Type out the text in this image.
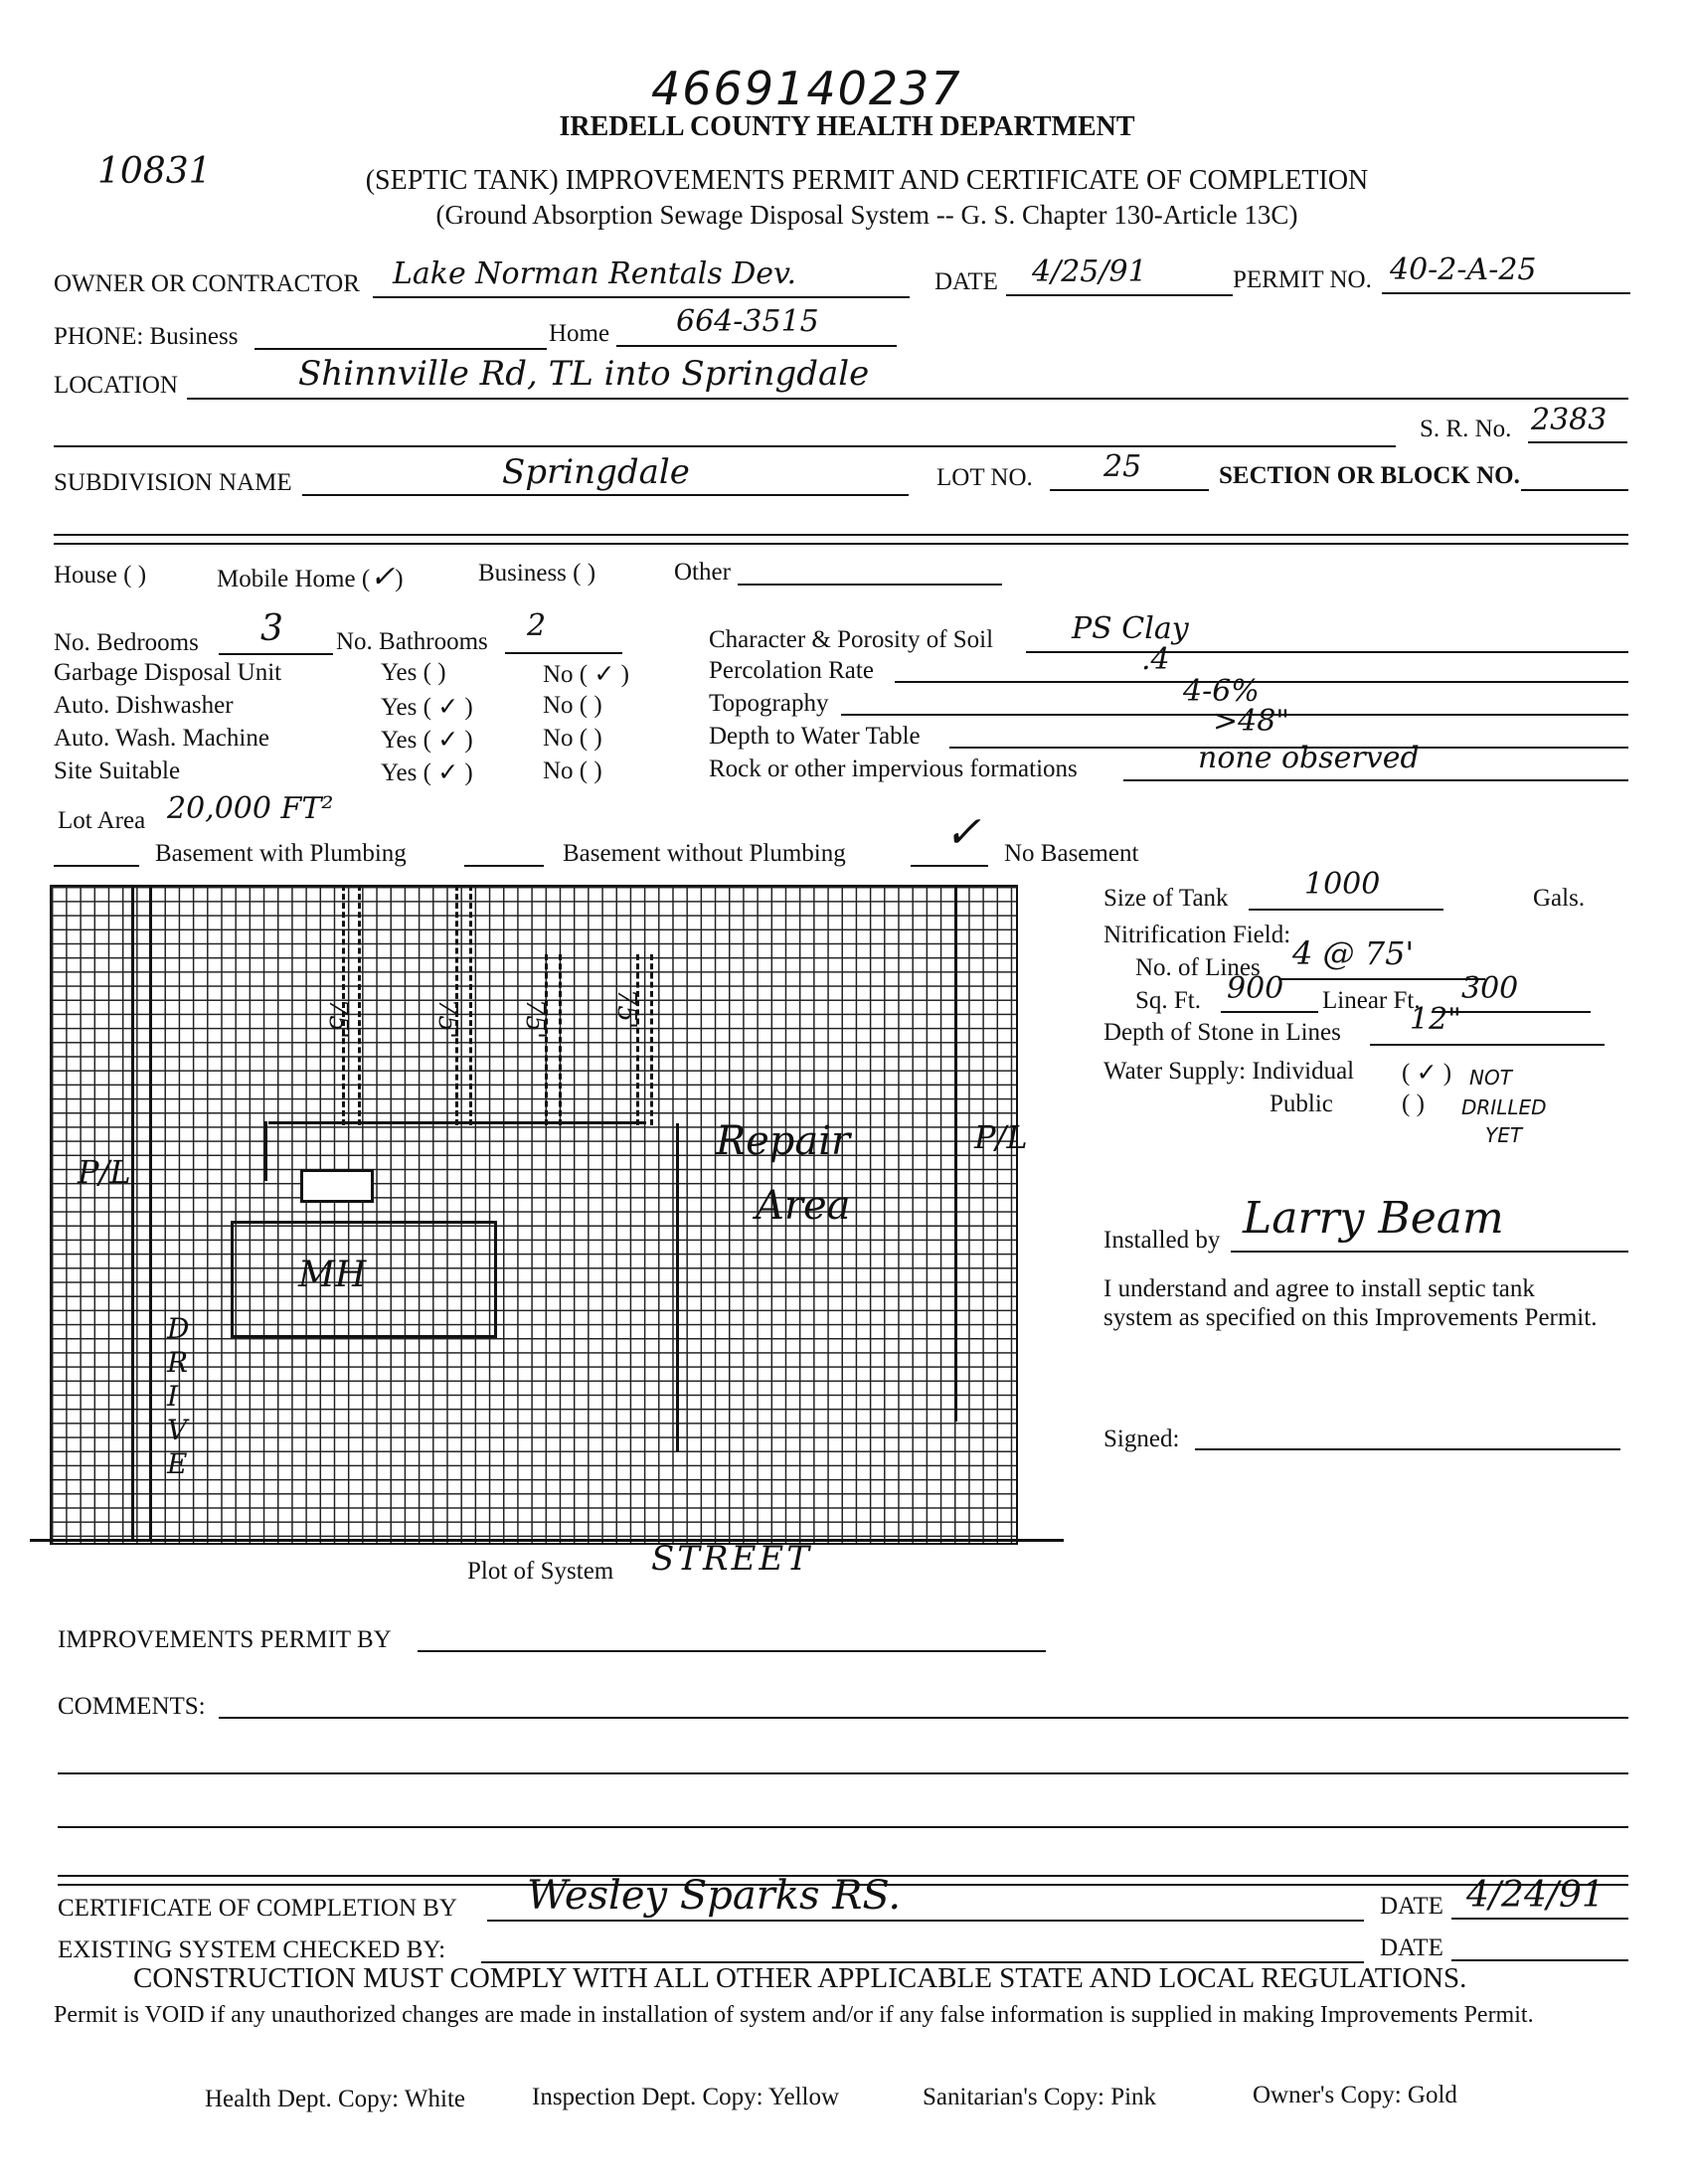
4669140237
IREDELL COUNTY HEALTH DEPARTMENT
10831	(SEPTIC TANK) IMPROVEMENTS PERMIT AND CERTIFICATE OF COMPLETION
(Ground Absorption Sewage Disposal System -- G. S. Chapter 130-Article 13C)
OWNER OR CONTRACTOR Lake Norman Rentals Dev.	DATE 4/25/91	PERMIT NO. 40-2-A-25
PHONE: Business	Home 664-3515
LOCATION	Shinnville Rd, TL into Springdale
S. R. No. 2383
SUBDIVISION NAME	Springdale	LOT NO. 25	SECTION OR BLOCK NO.
House ( )	Mobile Home (✓)	Business ( )	Other
No. Bedrooms 3 No. Bathrooms 2
Garbage Disposal Unit	Yes ( )	No ( ✓ )
Auto. Dishwasher	Yes ( ✓ )	No ( )
Auto. Wash. Machine	Yes ( ✓ )	No ( )
Site Suitable	Yes ( ✓ )	No ( )
Character & Porosity of Soil	PS Clay
Percolation Rate	.4
Topography	4-6%
Depth to Water Table	>48"
Rock or other impervious formations	none observed
Lot Area 20,000 FT²
Basement with Plumbing	Basement without Plumbing ✓ No Basement
75'	75' 75' 75'
P/L
P/L
Repair
Area
MH
DRIVE
Plot of System STREET
Size of Tank	1000	Gals.
Nitrification Field:
No. of Lines 4 @ 75'
Sq. Ft. 900 Linear Ft. 300
Depth of Stone in Lines 12"
Water Supply: Individual ( ✓ ) NOT
Public	( ) DRILLED
YET
Installed by Larry Beam
I understand and agree to install septic tank system as specified on this Improvements Permit.
Signed:
IMPROVEMENTS PERMIT BY
COMMENTS:
CERTIFICATE OF COMPLETION BY Wesley Sparks RS.	DATE 4/24/91
EXISTING SYSTEM CHECKED BY:	DATE
CONSTRUCTION MUST COMPLY WITH ALL OTHER APPLICABLE STATE AND LOCAL REGULATIONS.
Permit is VOID if any unauthorized changes are made in installation of system and/or if any false information is supplied in making Improvements Permit.
Health Dept. Copy: White	Inspection Dept. Copy: Yellow	Sanitarian's Copy: Pink	Owner's Copy: Gold
